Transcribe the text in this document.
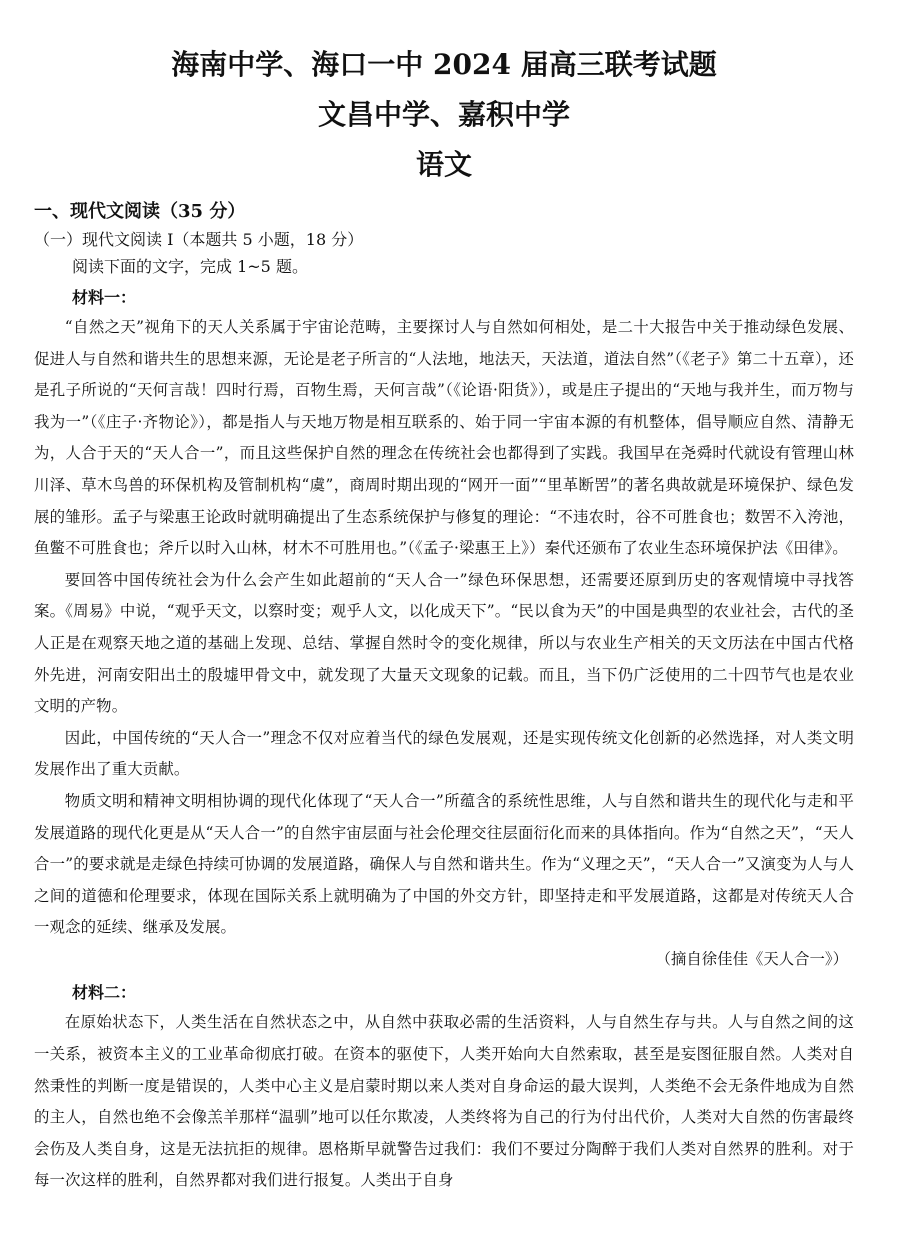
海南中学、海口一中 2024 届高三联考试题
文昌中学、嘉积中学
语文
一、现代文阅读（35 分）
（一）现代文阅读 I（本题共 5 小题，18 分）
阅读下面的文字，完成 1~5 题。
材料一：

“自然之天”视角下的天人关系属于宇宙论范畴，主要探讨人与自然如何相处，是二十大报告中关于推动绿色发展、促进人与自然和谐共生的思想来源，无论是老子所言的“人法地，地法天，天法道，道法自然”（《老子》第二十五章），还是孔子所说的“天何言哉！四时行焉，百物生焉，天何言哉”（《论语·阳货》），或是庄子提出的“天地与我并生，而万物与我为一”（《庄子·齐物论》），都是指人与天地万物是相互联系的、始于同一宇宙本源的有机整体，倡导顺应自然、清静无为，人合于天的“天人合一”，而且这些保护自然的理念在传统社会也都得到了实践。我国早在尧舜时代就设有管理山林川泽、草木鸟兽的环保机构及管制机构“虞”，商周时期出现的“网开一面”“里革断罟”的著名典故就是环境保护、绿色发展的雏形。孟子与梁惠王论政时就明确提出了生态系统保护与修复的理论：“不违农时，谷不可胜食也；数罟不入洿池，鱼鳖不可胜食也；斧斤以时入山林，材木不可胜用也。”（《孟子·梁惠王上》）秦代还颁布了农业生态环境保护法《田律》。

要回答中国传统社会为什么会产生如此超前的“天人合一”绿色环保思想，还需要还原到历史的客观情境中寻找答案。《周易》中说，“观乎天文，以察时变；观乎人文，以化成天下”。“民以食为天”的中国是典型的农业社会，古代的圣人正是在观察天地之道的基础上发现、总结、掌握自然时令的变化规律，所以与农业生产相关的天文历法在中国古代格外先进，河南安阳出土的殷墟甲骨文中，就发现了大量天文现象的记载。而且，当下仍广泛使用的二十四节气也是农业文明的产物。

因此，中国传统的“天人合一”理念不仅对应着当代的绿色发展观，还是实现传统文化创新的必然选择，对人类文明发展作出了重大贡献。

物质文明和精神文明相协调的现代化体现了“天人合一”所蕴含的系统性思维，人与自然和谐共生的现代化与走和平发展道路的现代化更是从“天人合一”的自然宇宙层面与社会伦理交往层面衍化而来的具体指向。作为“自然之天”，“天人合一”的要求就是走绿色持续可协调的发展道路，确保人与自然和谐共生。作为“义理之天”，“天人合一”又演变为人与人之间的道德和伦理要求，体现在国际关系上就明确为了中国的外交方针，即坚持走和平发展道路，这都是对传统天人合一观念的延续、继承及发展。

（摘自徐佳佳《天人合一》）
材料二：

在原始状态下，人类生活在自然状态之中，从自然中获取必需的生活资料，人与自然生存与共。人与自然之间的这一关系，被资本主义的工业革命彻底打破。在资本的驱使下，人类开始向大自然索取，甚至是妄图征服自然。人类对自然秉性的判断一度是错误的，人类中心主义是启蒙时期以来人类对自身命运的最大误判，人类绝不会无条件地成为自然的主人，自然也绝不会像羔羊那样“温驯”地可以任尔欺凌，人类终将为自己的行为付出代价，人类对大自然的伤害最终会伤及人类自身，这是无法抗拒的规律。恩格斯早就警告过我们：我们不要过分陶醉于我们人类对自然界的胜利。对于每一次这样的胜利，自然界都对我们进行报复。人类出于自身
